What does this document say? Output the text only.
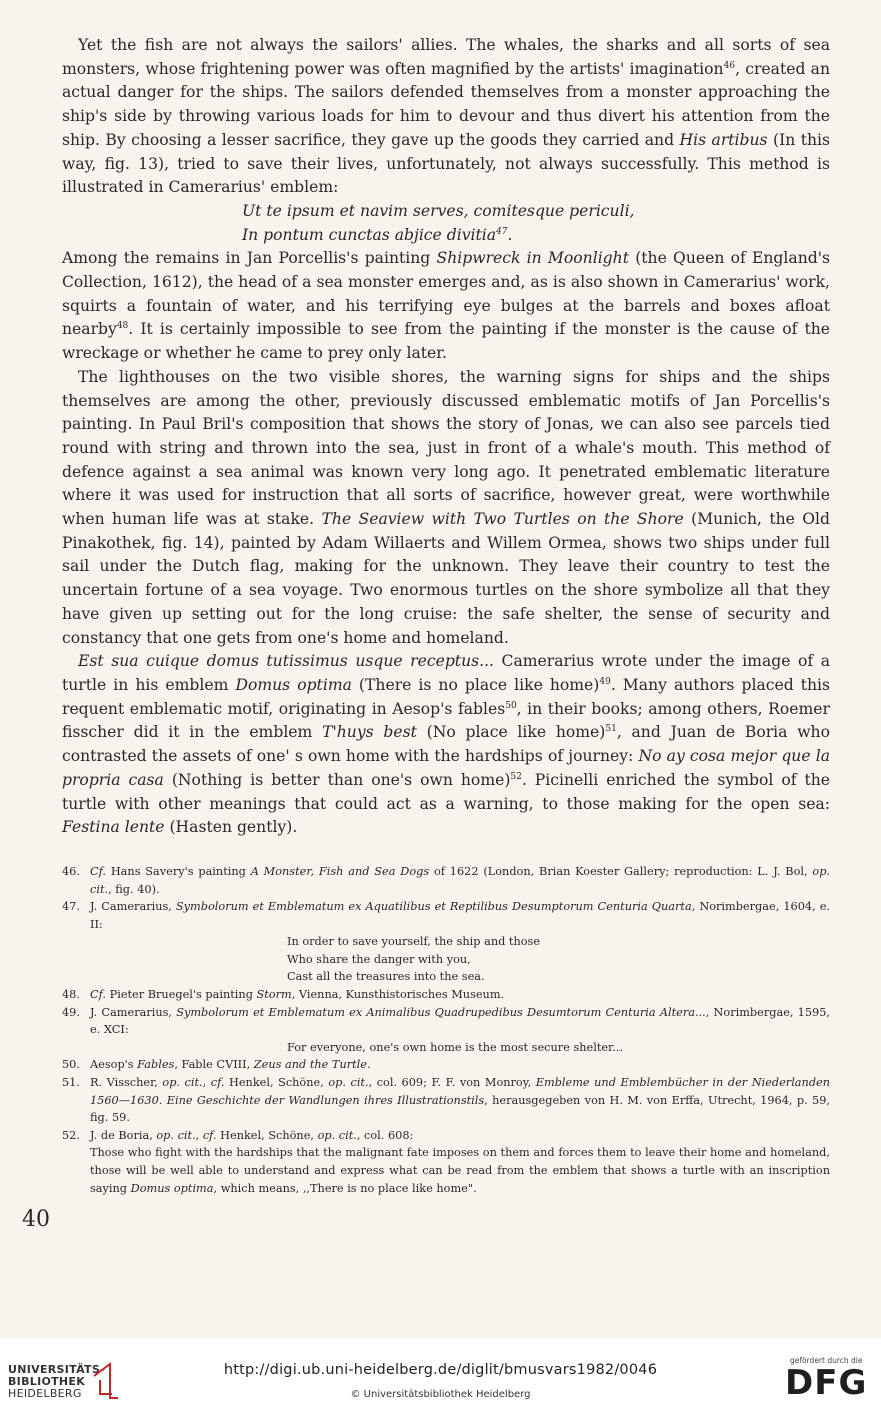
Yet the fish are not always the sailors' allies. The whales, the sharks and all sorts of sea monsters, whose frightening power was often magnified by the artists' imagination$^{46}$, created an actual danger for the ships. The sailors defended themselves from a monster approaching the ship's side by throwing various loads for him to devour and thus divert his attention from the ship. By choosing a lesser sacrifice, they gave up the goods they carried and His artibus (In this way, fig. 13), tried to save their lives, unfortunately, not always successfully. This method is illustrated in Camerarius' emblem:

Ut te ipsum et navim serves, comitesque periculi,
In pontum cunctas abjice divitia$^{47}$.

Among the remains in Jan Porcellis's painting Shipwreck in Moonlight (the Queen of England's Collection, 1612), the head of a sea monster emerges and, as is also shown in Camerarius' work, squirts a fountain of water, and his terrifying eye bulges at the barrels and boxes afloat nearby$^{48}$. It is certainly impossible to see from the painting if the monster is the cause of the wreckage or whether he came to prey only later.

The lighthouses on the two visible shores, the warning signs for ships and the ships themselves are among the other, previously discussed emblematic motifs of Jan Porcellis's painting. In Paul Bril's composition that shows the story of Jonas, we can also see parcels tied round with string and thrown into the sea, just in front of a whale's mouth. This method of defence against a sea animal was known very long ago. It penetrated emblematic literature where it was used for instruction that all sorts of sacrifice, however great, were worthwhile when human life was at stake. The Seaview with Two Turtles on the Shore (Munich, the Old Pinakothek, fig. 14), painted by Adam Willaerts and Willem Ormea, shows two ships under full sail under the Dutch flag, making for the unknown. They leave their country to test the uncertain fortune of a sea voyage. Two enormous turtles on the shore symbolize all that they have given up setting out for the long cruise: the safe shelter, the sense of security and constancy that one gets from one's home and homeland.

Est sua cuique domus tutissimus usque receptus... Camerarius wrote under the image of a turtle in his emblem Domus optima (There is no place like home)$^{49}$. Many authors placed this requent emblematic motif, originating in Aesop's fables$^{50}$, in their books; among others, Roemer fisscher did it in the emblem T'huys best (No place like home)$^{51}$, and Juan de Boria who contrasted the assets of one' s own home with the hardships of journey: No ay cosa mejor que la propria casa (Nothing is better than one's own home)$^{52}$. Picinelli enriched the symbol of the turtle with other meanings that could act as a warning, to those making for the open sea: Festina lente (Hasten gently).

46. Cf. Hans Savery's painting A Monster, Fish and Sea Dogs of 1622 (London, Brian Koester Gallery; reproduction: L. J. Bol, op. cit., fig. 40).
47. J. Camerarius, Symbolorum et Emblematum ex Aquatilibus et Reptilibus Desumptorum Centuria Quarta, Norimbergae, 1604, e. II:
In order to save yourself, the ship and those
Who share the danger with you,
Cast all the treasures into the sea.
48. Cf. Pieter Bruegel's painting Storm, Vienna, Kunsthistorisches Museum.
49. J. Camerarius, Symbolorum et Emblematum ex Animalibus Quadrupedibus Desumtorum Centuria Altera..., Norimbergae, 1595, e. XCI:
For everyone, one's own home is the most secure shelter...
50. Aesop's Fables, Fable CVIII, Zeus and the Turtle.
51. R. Visscher, op. cit., cf. Henkel, Schöne, op. cit., col. 609; F. F. von Monroy, Embleme und Emblembücher in der Niederlanden 1560—1630. Eine Geschichte der Wandlungen ihres Illustrationstils, herausgegeben von H. M. von Erffa, Utrecht, 1964, p. 59, fig. 59.
52. J. de Boria, op. cit., cf. Henkel, Schöne, op. cit., col. 608:
Those who fight with the hardships that the malignant fate imposes on them and forces them to leave their home and homeland, those will be well able to understand and express what can be read from the emblem that shows a turtle with an inscription saying Domus optima, which means, ,,There is no place like home".
40
UNIVERSITÄTS-
BIBLIOTHEK
HEIDELBERG
http://digi.ub.uni-heidelberg.de/diglit/bmusvars1982/0046
© Universitätsbibliothek Heidelberg
gefördert durch die
DFG
